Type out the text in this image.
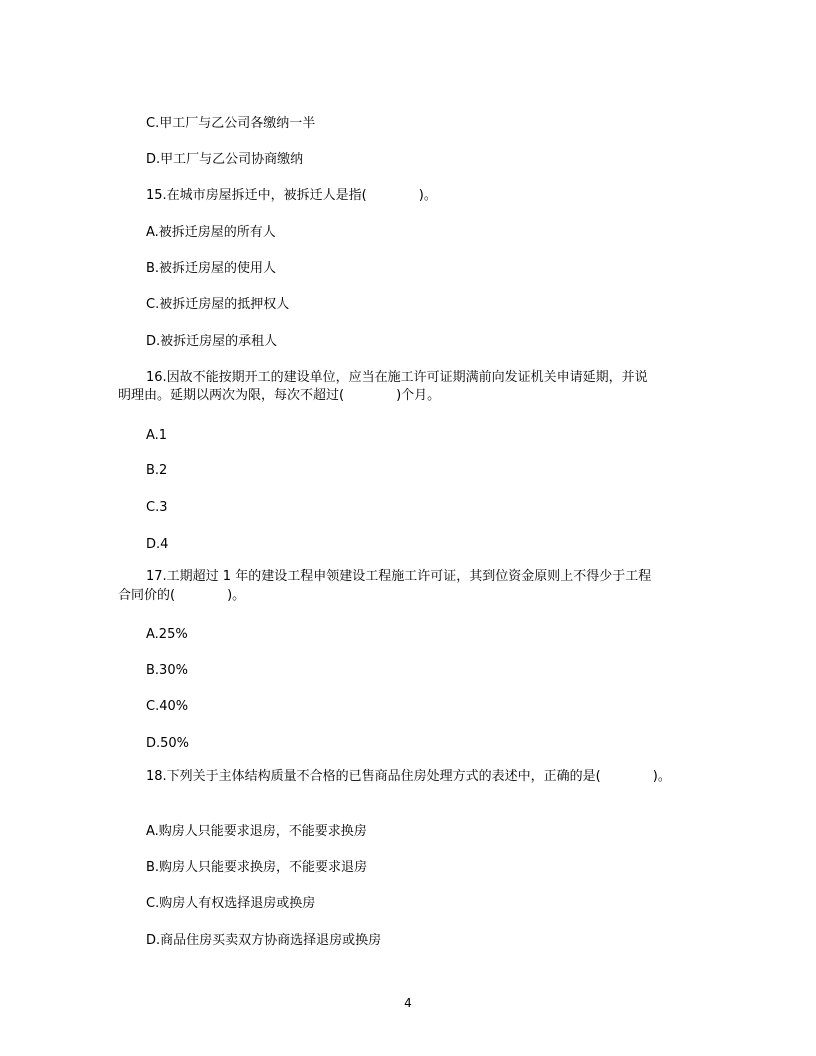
C.甲工厂与乙公司各缴纳一半
D.甲工厂与乙公司协商缴纳
15.在城市房屋拆迁中，被拆迁人是指(　　　　)。
A.被拆迁房屋的所有人
B.被拆迁房屋的使用人
C.被拆迁房屋的抵押权人
D.被拆迁房屋的承租人
16.因故不能按期开工的建设单位，应当在施工许可证期满前向发证机关申请延期，并说
明理由。延期以两次为限，每次不超过(　　　　)个月。
A.1
B.2
C.3
D.4
17.工期超过 1 年的建设工程申领建设工程施工许可证，其到位资金原则上不得少于工程
合同价的(　　　　)。
A.25%
B.30%
C.40%
D.50%
18.下列关于主体结构质量不合格的已售商品住房处理方式的表述中，正确的是(　　　　)。
A.购房人只能要求退房，不能要求换房
B.购房人只能要求换房，不能要求退房
C.购房人有权选择退房或换房
D.商品住房买卖双方协商选择退房或换房
4
